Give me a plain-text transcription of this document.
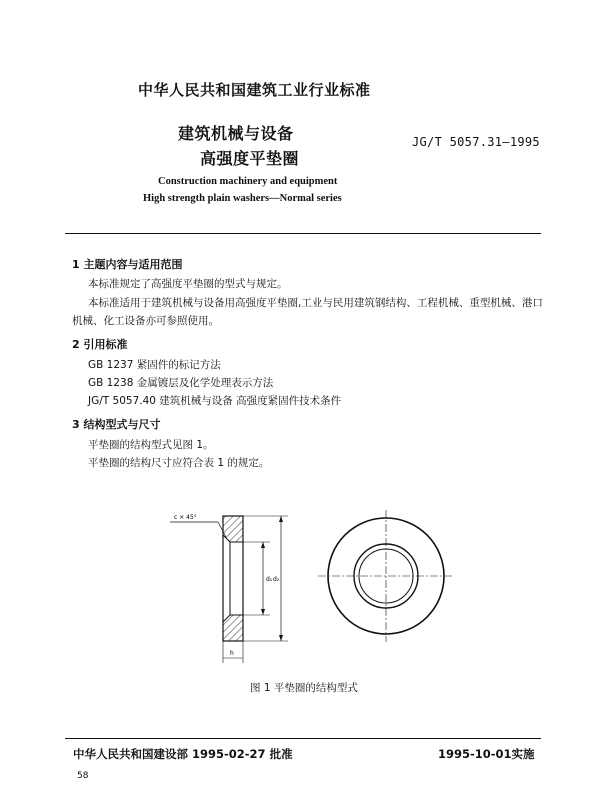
中华人民共和国建筑工业行业标准
建筑机械与设备
高强度平垫圈
JG/T 5057.31—1995
Construction machinery and equipment
High strength plain washers—Normal series
1 主题内容与适用范围
本标准规定了高强度平垫圈的型式与规定。
本标准适用于建筑机械与设备用高强度平垫圈,工业与民用建筑钢结构、工程机械、重型机械、港口
机械、化工设备亦可参照使用。
2 引用标准
GB 1237 紧固件的标记方法
GB 1238 金属镀层及化学处理表示方法
JG/T 5057.40 建筑机械与设备 高强度紧固件技术条件
3 结构型式与尺寸
平垫圈的结构型式见图 1。
平垫圈的结构尺寸应符合表 1 的规定。
c × 45°
d₁ d₂
h
图 1 平垫圈的结构型式
中华人民共和国建设部 1995-02-27 批准	1995-10-01实施
58
